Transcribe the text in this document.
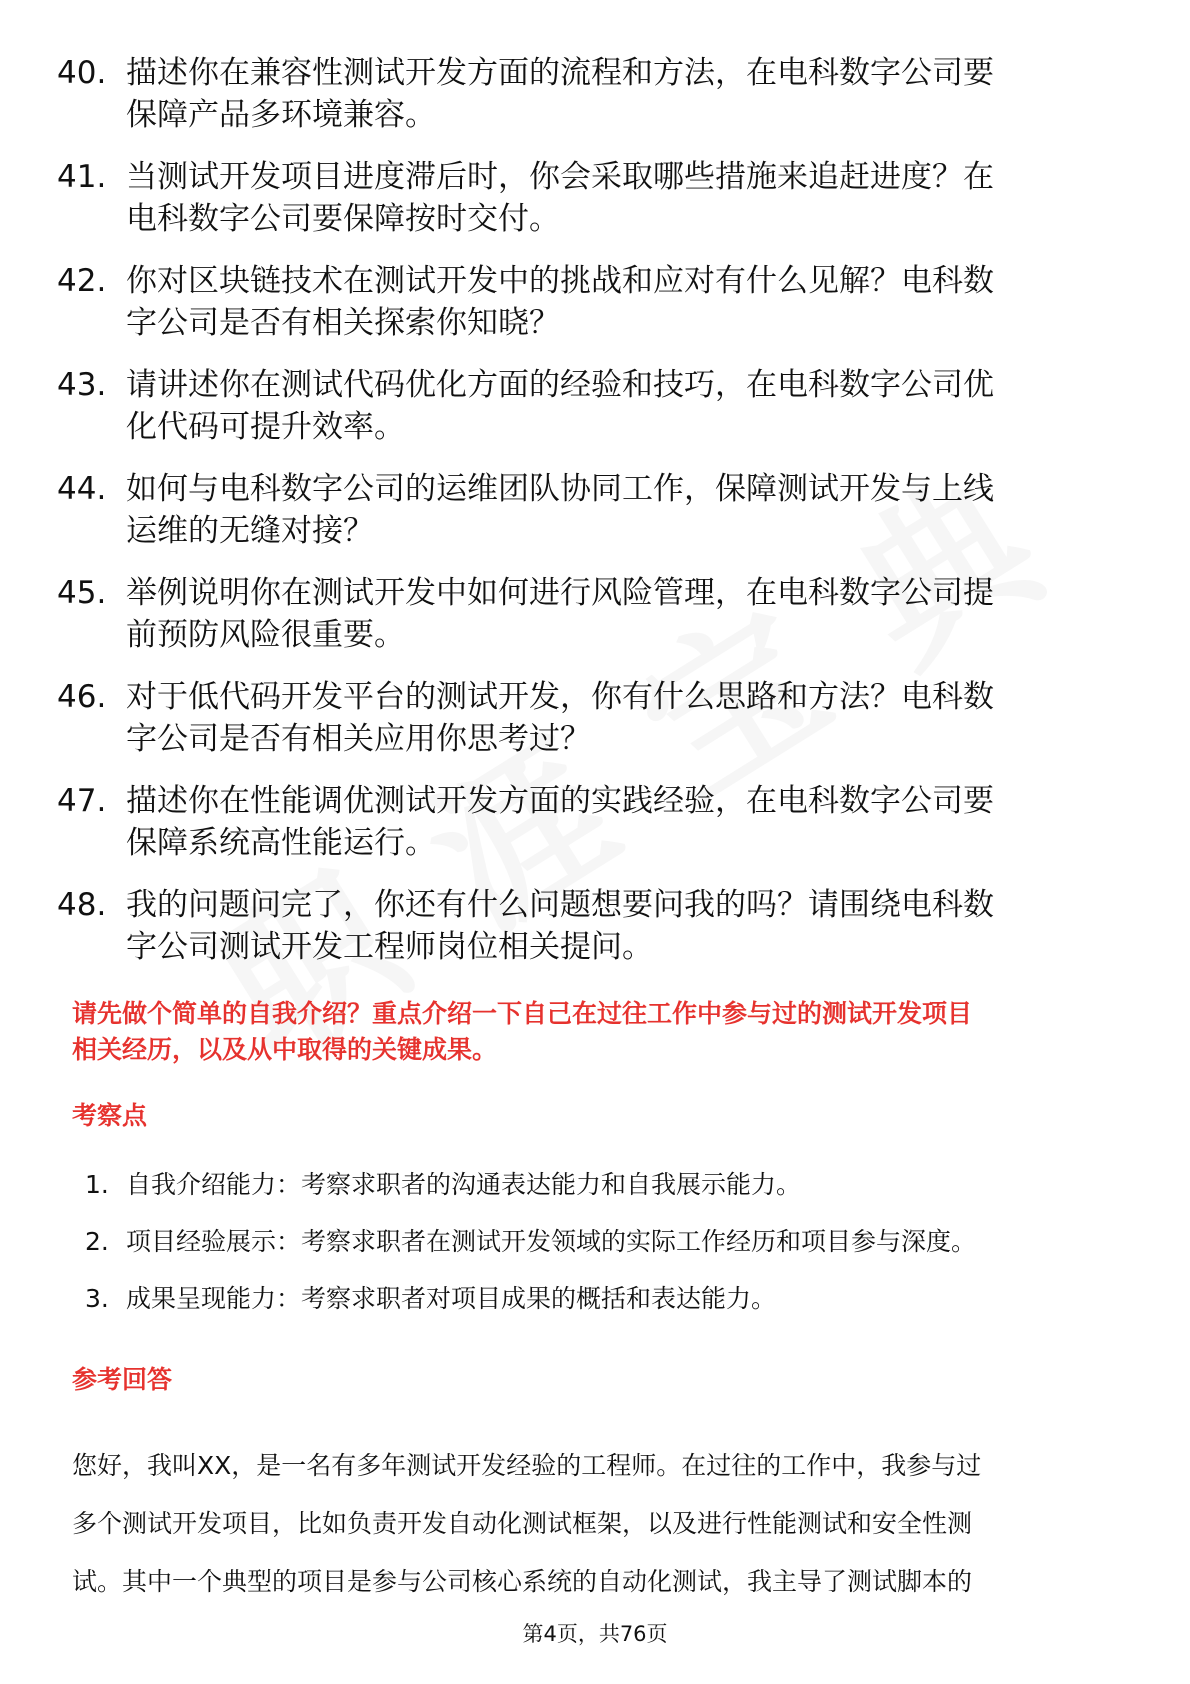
40. 描述你在兼容性测试开发方面的流程和方法，在电科数字公司要
保障产品多环境兼容。
41. 当测试开发项目进度滞后时，你会采取哪些措施来追赶进度？在
电科数字公司要保障按时交付。
42. 你对区块链技术在测试开发中的挑战和应对有什么见解？电科数
字公司是否有相关探索你知晓？
43. 请讲述你在测试代码优化方面的经验和技巧，在电科数字公司优
化代码可提升效率。
44. 如何与电科数字公司的运维团队协同工作，保障测试开发与上线
运维的无缝对接？
45. 举例说明你在测试开发中如何进行风险管理，在电科数字公司提
前预防风险很重要。
46. 对于低代码开发平台的测试开发，你有什么思路和方法？电科数
字公司是否有相关应用你思考过？
47. 描述你在性能调优测试开发方面的实践经验，在电科数字公司要
保障系统高性能运行。
48. 我的问题问完了，你还有什么问题想要问我的吗？请围绕电科数
字公司测试开发工程师岗位相关提问。
请先做个简单的自我介绍？重点介绍一下自己在过往工作中参与过的测试开发项目
相关经历，以及从中取得的关键成果。
考察点
1. 自我介绍能力：考察求职者的沟通表达能力和自我展示能力。
2. 项目经验展示：考察求职者在测试开发领域的实际工作经历和项目参与深度。
3. 成果呈现能力：考察求职者对项目成果的概括和表达能力。
参考回答

您好，我叫XX，是一名有多年测试开发经验的工程师。在过往的工作中，我参与过
多个测试开发项目，比如负责开发自动化测试框架，以及进行性能测试和安全性测
试。其中一个典型的项目是参与公司核心系统的自动化测试，我主导了测试脚本的

第4页，共76页
